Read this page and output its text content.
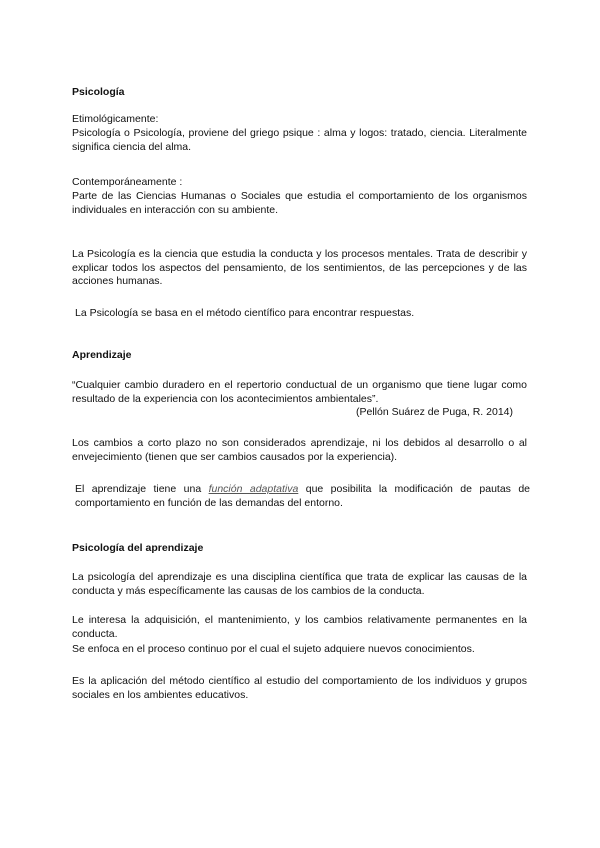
Psicología

Etimológicamente:

Psicología o Psicología, proviene del griego psique : alma y logos: tratado, ciencia. Literalmente significa ciencia del alma.

Contemporáneamente :

Parte de las Ciencias Humanas o Sociales que estudia el comportamiento de los organismos individuales en interacción con su ambiente.

La Psicología es la ciencia que estudia la conducta y los procesos mentales. Trata de describir y explicar todos los aspectos del pensamiento, de los sentimientos, de las percepciones y de las acciones humanas.

La Psicología se basa en el método científico para encontrar respuestas.

Aprendizaje

“Cualquier cambio duradero en el repertorio conductual de un organismo que tiene lugar como resultado de la experiencia con los acontecimientos ambientales”.
(Pellón Suárez de Puga, R. 2014)

Los cambios a corto plazo no son considerados aprendizaje, ni los debidos al desarrollo o al envejecimiento (tienen que ser cambios causados por la experiencia).

El aprendizaje tiene una función adaptativa que posibilita la modificación de pautas de comportamiento en función de las demandas del entorno.

Psicología del aprendizaje

La psicología del aprendizaje es una disciplina científica que trata de explicar las causas de la conducta y más específicamente las causas de los cambios de la conducta.

Le interesa la adquisición, el mantenimiento, y los cambios relativamente permanentes en la conducta.

Se enfoca en el proceso continuo por el cual el sujeto adquiere nuevos conocimientos.

Es la aplicación del método científico al estudio del comportamiento de los individuos y grupos sociales en los ambientes educativos.
